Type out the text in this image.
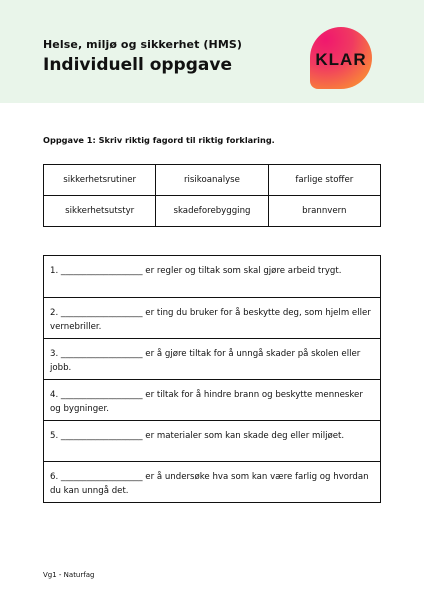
Helse, miljø og sikkerhet (HMS)
Individuell oppgave	KLAR
Oppgave 1: Skriv riktig fagord til riktig forklaring.
sikkerhetsrutiner	risikoanalyse	farlige stoffer
sikkerhetsutstyr	skadeforebygging	brannvern
1. ___________________ er regler og tiltak som skal gjøre arbeid trygt.
2. ___________________ er ting du bruker for å beskytte deg, som hjelm eller vernebriller.
3. ___________________ er å gjøre tiltak for å unngå skader på skolen eller jobb.
4. ___________________ er tiltak for å hindre brann og beskytte mennesker og bygninger.
5. ___________________ er materialer som kan skade deg eller miljøet.
6. ___________________ er å undersøke hva som kan være farlig og hvordan du kan unngå det.
Vg1 - Naturfag
